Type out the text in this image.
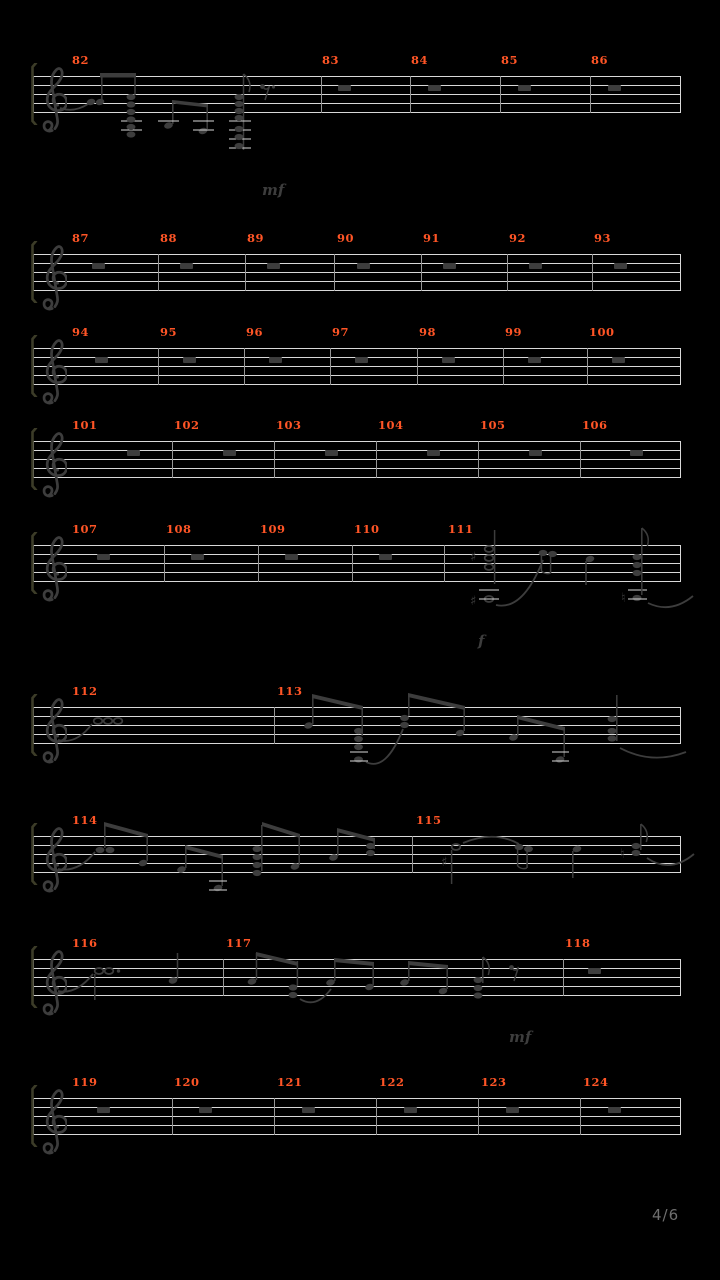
82	83	84	85	86
mf
87	88	89	90	91	92	93
94	95	96	97	98	99	100
101	102	103	104	105	106
107	108	109	110	111
f
112	113
114	115
116	117	118
mf
119	120	121	122	123	124
♯
♯	♮
♯
♮
4/6
